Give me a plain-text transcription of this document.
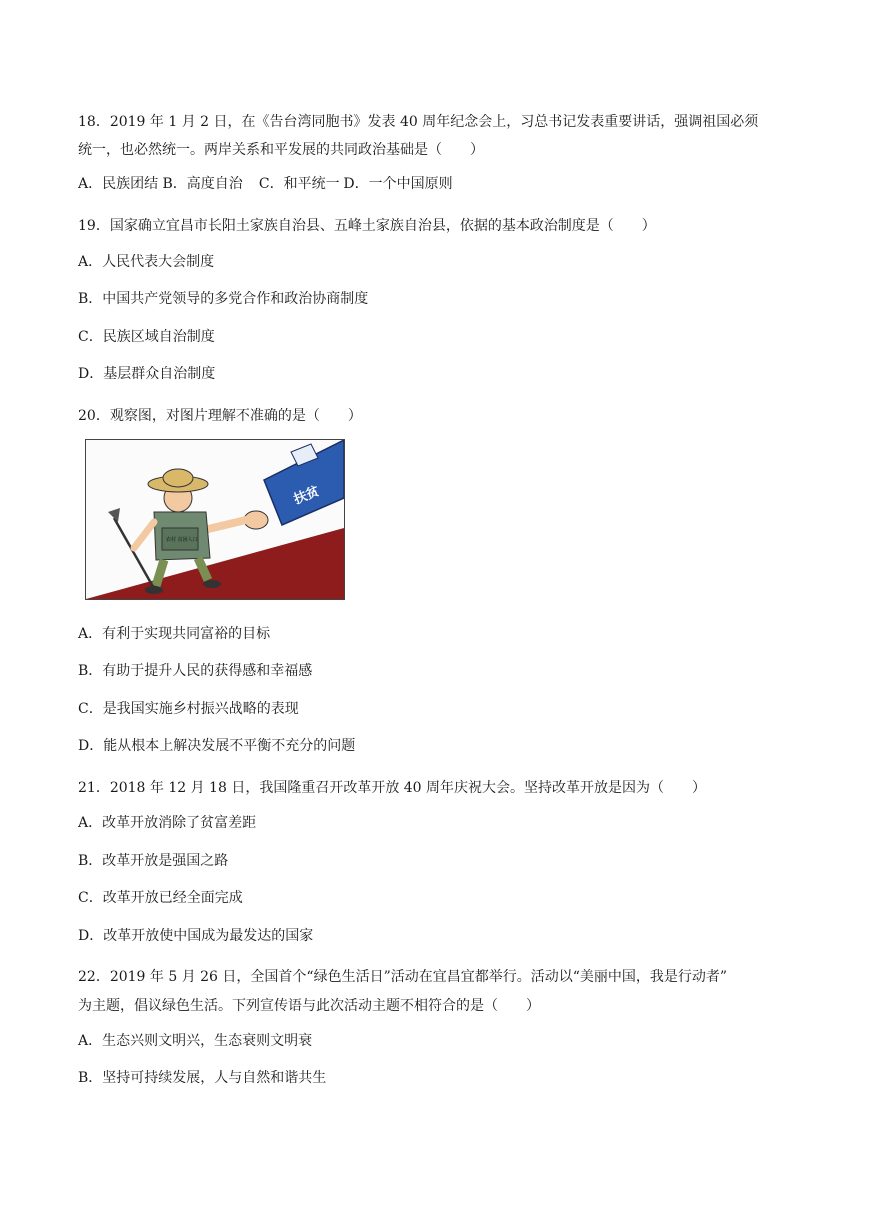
18．2019 年 1 月 2 日，在《告台湾同胞书》发表 40 周年纪念会上，习总书记发表重要讲话，强调祖国必须
统一，也必然统一。两岸关系和平发展的共同政治基础是（　　）
A．民族团结 B．高度自治 C．和平统一 D．一个中国原则
19．国家确立宜昌市长阳土家族自治县、五峰土家族自治县，依据的基本政治制度是（　　）
A．人民代表大会制度
B．中国共产党领导的多党合作和政治协商制度
C．民族区域自治制度
D．基层群众自治制度
20．观察图，对图片理解不准确的是（　　）
扶贫
农村 贫困人口
A．有利于实现共同富裕的目标
B．有助于提升人民的获得感和幸福感
C．是我国实施乡村振兴战略的表现
D．能从根本上解决发展不平衡不充分的问题
21．2018 年 12 月 18 日，我国隆重召开改革开放 40 周年庆祝大会。坚持改革开放是因为（　　）
A．改革开放消除了贫富差距
B．改革开放是强国之路
C．改革开放已经全面完成
D．改革开放使中国成为最发达的国家
22．2019 年 5 月 26 日，全国首个“绿色生活日”活动在宜昌宜都举行。活动以“美丽中国，我是行动者”
为主题，倡议绿色生活。下列宣传语与此次活动主题不相符合的是（　　）
A．生态兴则文明兴，生态衰则文明衰
B．坚持可持续发展，人与自然和谐共生
